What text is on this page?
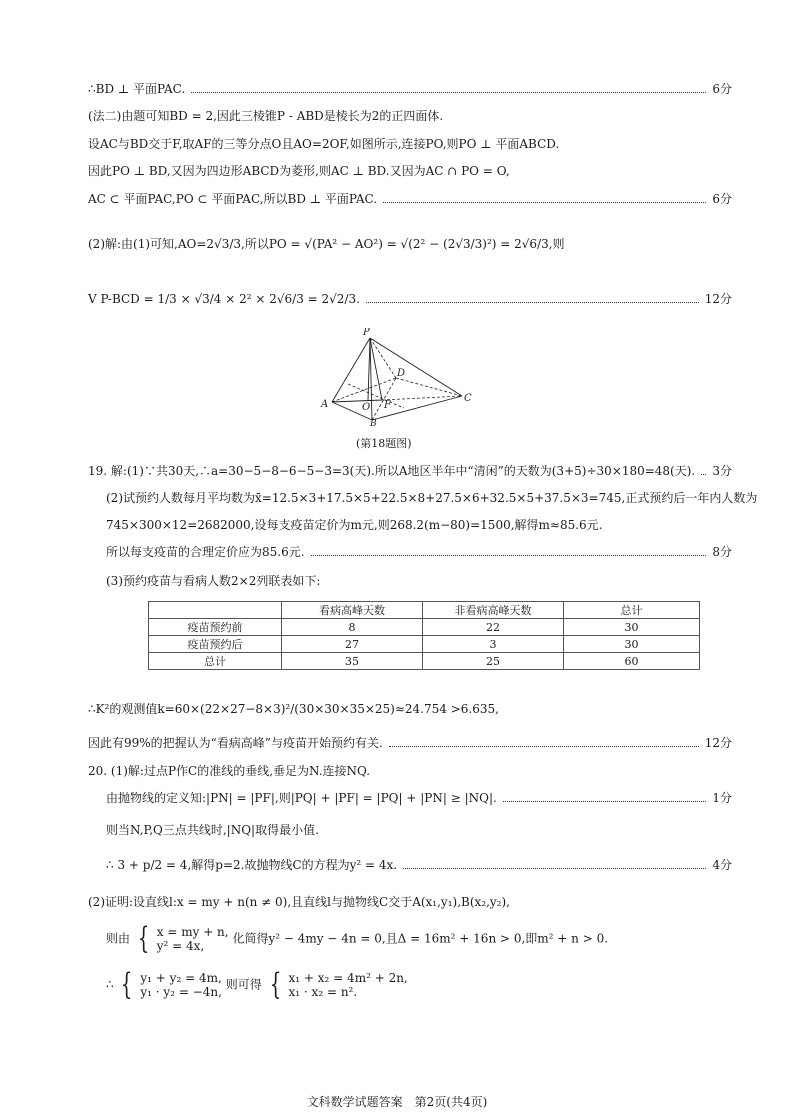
∴BD ⊥ 平面PAC.	6分
(法二)由题可知BD = 2,因此三棱锥P - ABD是棱长为2的正四面体.
设AC与BD交于F,取AF的三等分点O且AO=2OF,如图所示,连接PO,则PO ⊥ 平面ABCD.
因此PO ⊥ BD,又因为四边形ABCD为菱形,则AC ⊥ BD.又因为AC ∩ PO = O,
AC ⊂ 平面PAC,PO ⊂ 平面PAC,所以BD ⊥ 平面PAC.	6分
(2)解:由(1)可知,AO=2√3/3,所以PO = √(PA² − AO²) = √(2² − (2√3/3)²) = 2√6/3,则
V P-BCD = 1/3 × √3/4 × 2² × 2√6/3 = 2√2/3.	12分
P
D
A	O F
C
B
(第18题图)
19. 解:(1)∵共30天,∴a=30−5−8−6−5−3=3(天).所以A地区半年中“清闲”的天数为(3+5)÷30×180=48(天). 3分
(2)试预约人数每月平均数为x̄=12.5×3+17.5×5+22.5×8+27.5×6+32.5×5+37.5×3=745,正式预约后一年内人数为
745×300×12=2682000,设每支疫苗定价为m元,则268.2(m−80)=1500,解得m≈85.6元.
所以每支疫苗的合理定价应为85.6元.	8分
(3)预约疫苗与看病人数2×2列联表如下:
	看病高峰天数	非看病高峰天数	总计
疫苗预约前	8	22	30
疫苗预约后	27	3	30
总计	35	25	60
∴K²的观测值k=60×(22×27−8×3)²/(30×30×35×25)≈24.754 >6.635,
因此有99%的把握认为“看病高峰”与疫苗开始预约有关.	12分
20. (1)解:过点P作C的准线的垂线,垂足为N.连接NQ.
由抛物线的定义知:|PN| = |PF|,则|PQ| + |PF| = |PQ| + |PN| ≥ |NQ|.	1分
则当N,P,Q三点共线时,|NQ|取得最小值.
∴ 3 + p/2 = 4,解得p=2.故抛物线C的方程为y² = 4x.	4分
(2)证明:设直线l:x = my + n(n ≠ 0),且直线l与抛物线C交于A(x₁,y₁),B(x₂,y₂),
则由 { x = my + n,
y² = 4x, 化简得y² − 4my − 4n = 0,且Δ = 16m² + 16n > 0,即m² + n > 0.
∴ { y₁ + y₂ = 4m,
y₁ · y₂ = −4n, 则可得 { x₁ + x₂ = 4m² + 2n,
x₁ · x₂ = n².
文科数学试题答案　第2页(共4页)
